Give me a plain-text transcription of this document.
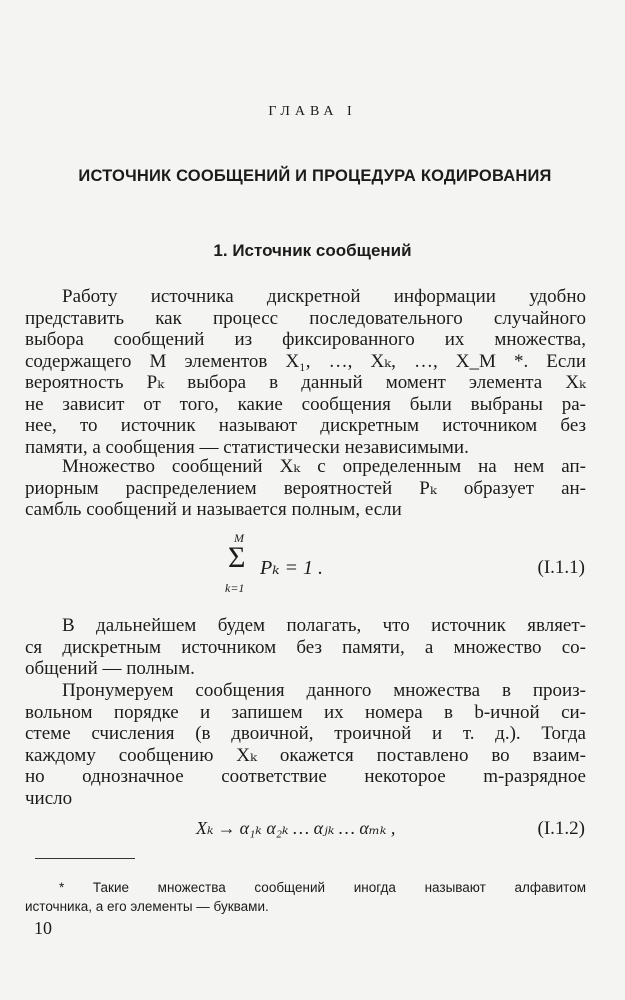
ГЛАВА I
ИСТОЧНИК СООБЩЕНИЙ И ПРОЦЕДУРА КОДИРОВАНИЯ
1. Источник сообщений

Работу источника дискретной информации удобно
представить как процесс последовательного случайного
выбора сообщений из фиксированного их множества,
содержащего M элементов X₁, …, Xₖ, …, X_M *. Если
вероятность Pₖ выбора в данный момент элемента Xₖ
не зависит от того, какие сообщения были выбраны ра-
нее, то источник называют дискретным источником без
памяти, а сообщения — статистически независимыми.

Множество сообщений Xₖ с определенным на нем ап-
риорным распределением вероятностей Pₖ образует ан-
самбль сообщений и называется полным, если

M
Σ
k=1
Pₖ = 1 .	(I.1.1)

В дальнейшем будем полагать, что источник являет-
ся дискретным источником без памяти, а множество со-
общений — полным.

Пронумеруем сообщения данного множества в произ-
вольном порядке и запишем их номера в b-ичной си-
стеме счисления (в двоичной, троичной и т. д.). Тогда
каждому сообщению Xₖ окажется поставлено во взаим-
но однозначное соответствие некоторое m-разрядное
число

Xₖ → α₁ₖ α₂ₖ … αⱼₖ … αₘₖ ,	(I.1.2)

* Такие множества сообщений иногда называют алфавитом
источника, а его элементы — буквами.

10
